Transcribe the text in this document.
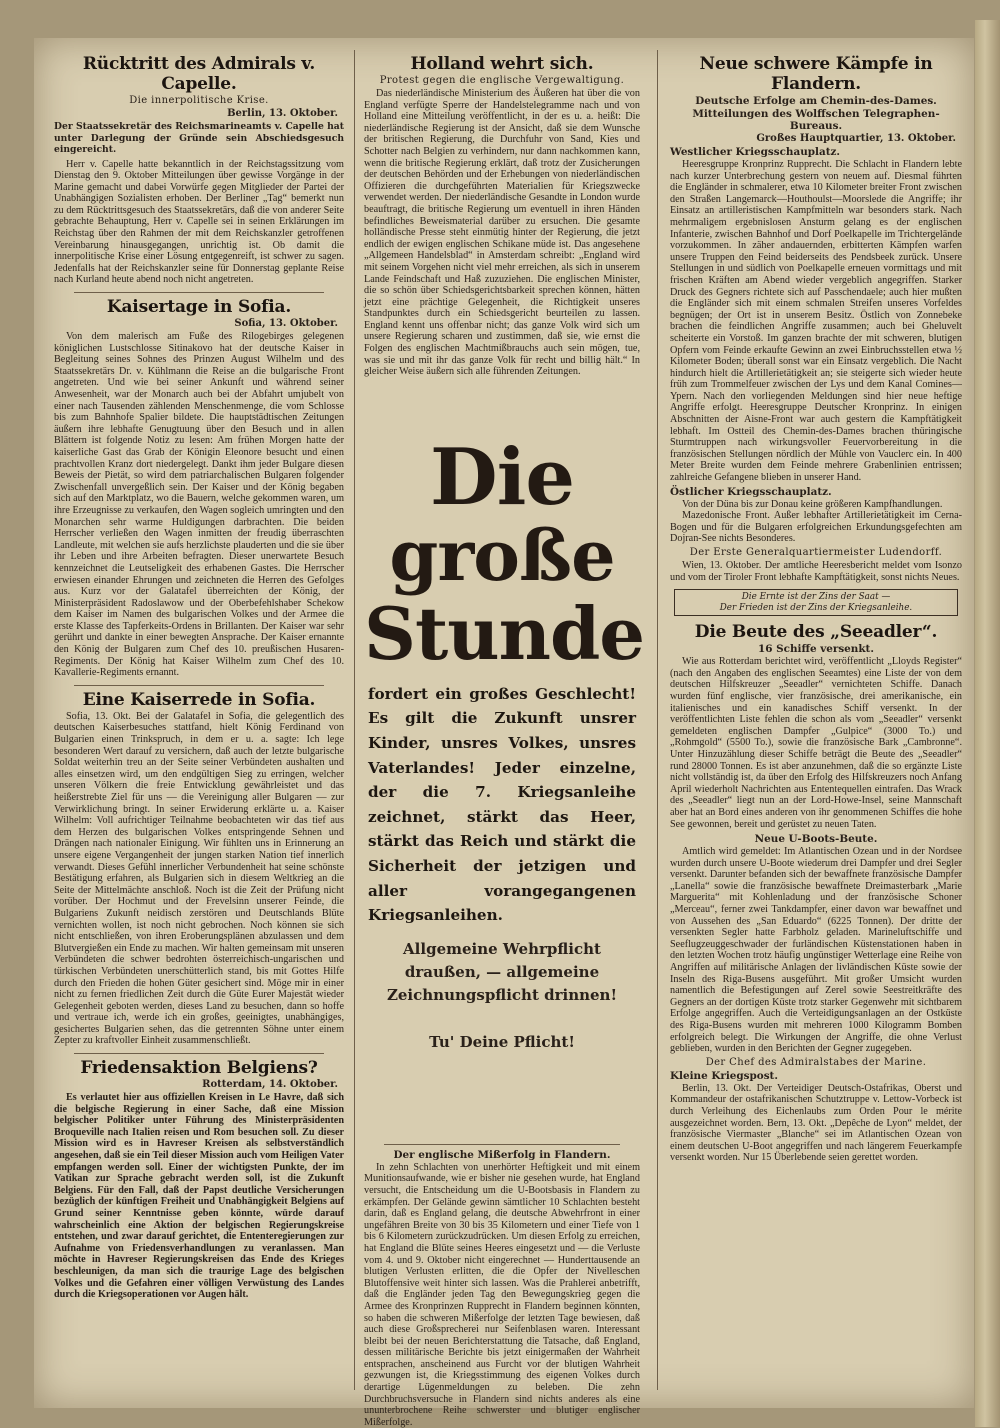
Rücktritt des Admirals v. Capelle.
Die innerpolitische Krise.
Berlin, 13. Oktober.
Der Staatssekretär des Reichsmarineamts v. Capelle hat unter Darlegung der Gründe sein Abschiedsgesuch eingereicht.

Herr v. Capelle hatte bekanntlich in der Reichstagssitzung vom Dienstag den 9. Oktober Mitteilungen über gewisse Vorgänge in der Marine gemacht und dabei Vorwürfe gegen Mitglieder der Partei der Unabhängigen Sozialisten erhoben. Der Berliner „Tag“ bemerkt nun zu dem Rücktrittsgesuch des Staatssekretärs, daß die von anderer Seite gebrachte Behauptung, Herr v. Capelle sei in seinen Erklärungen im Reichstag über den Rahmen der mit dem Reichskanzler getroffenen Vereinbarung hinausgegangen, unrichtig ist. Ob damit die innerpolitische Krise einer Lösung entgegenreift, ist schwer zu sagen. Jedenfalls hat der Reichskanzler seine für Donnerstag geplante Reise nach Kurland heute abend noch nicht angetreten.

Kaisertage in Sofia.
Sofia, 13. Oktober.

Von dem malerisch am Fuße des Rilogebirges gelegenen königlichen Lustschlosse Sitinakovo hat der deutsche Kaiser in Begleitung seines Sohnes des Prinzen August Wilhelm und des Staatssekretärs Dr. v. Kühlmann die Reise an die bulgarische Front angetreten. Und wie bei seiner Ankunft und während seiner Anwesenheit, war der Monarch auch bei der Abfahrt umjubelt von einer nach Tausenden zählenden Menschenmenge, die vom Schlosse bis zum Bahnhofe Spalier bildete. Die hauptstädtischen Zeitungen äußern ihre lebhafte Genugtuung über den Besuch und in allen Blättern ist folgende Notiz zu lesen: Am frühen Morgen hatte der kaiserliche Gast das Grab der Königin Eleonore besucht und einen prachtvollen Kranz dort niedergelegt. Dankt ihm jeder Bulgare diesen Beweis der Pietät, so wird dem patriarchalischen Bulgaren folgender Zwischenfall unvergeßlich sein. Der Kaiser und der König begaben sich auf den Marktplatz, wo die Bauern, welche gekommen waren, um ihre Erzeugnisse zu verkaufen, den Wagen sogleich umringten und den Monarchen sehr warme Huldigungen darbrachten. Die beiden Herrscher verließen den Wagen inmitten der freudig überraschten Landleute, mit welchen sie aufs herzlichste plauderten und die sie über ihr Leben und ihre Arbeiten befragten. Dieser unerwartete Besuch kennzeichnet die Leutseligkeit des erhabenen Gastes. Die Herrscher erwiesen einander Ehrungen und zeichneten die Herren des Gefolges aus. Kurz vor der Galatafel überreichten der König, der Ministerpräsident Radoslawow und der Oberbefehlshaber Schekow dem Kaiser im Namen des bulgarischen Volkes und der Armee die erste Klasse des Tapferkeits-Ordens in Brillanten. Der Kaiser war sehr gerührt und dankte in einer bewegten Ansprache. Der Kaiser ernannte den König der Bulgaren zum Chef des 10. preußischen Husaren-Regiments. Der König hat Kaiser Wilhelm zum Chef des 10. Kavallerie-Regiments ernannt.

Eine Kaiserrede in Sofia.

Sofia, 13. Okt. Bei der Galatafel in Sofia, die gelegentlich des deutschen Kaiserbesuches stattfand, hielt König Ferdinand von Bulgarien einen Trinkspruch, in dem er u. a. sagte: Ich lege besonderen Wert darauf zu versichern, daß auch der letzte bulgarische Soldat weiterhin treu an der Seite seiner Verbündeten aushalten und alles einsetzen wird, um den endgültigen Sieg zu erringen, welcher unseren Völkern die freie Entwicklung gewährleistet und das heißerstrebte Ziel für uns — die Vereinigung aller Bulgaren — zur Verwirklichung bringt. In seiner Erwiderung erklärte u. a. Kaiser Wilhelm: Voll aufrichtiger Teilnahme beobachteten wir das tief aus dem Herzen des bulgarischen Volkes entspringende Sehnen und Drängen nach nationaler Einigung. Wir fühlten uns in Erinnerung an unsere eigene Vergangenheit der jungen starken Nation tief innerlich verwandt. Dieses Gefühl innerlicher Verbundenheit hat seine schönste Bestätigung erfahren, als Bulgarien sich in diesem Weltkrieg an die Seite der Mittelmächte anschloß. Noch ist die Zeit der Prüfung nicht vorüber. Der Hochmut und der Frevelsinn unserer Feinde, die Bulgariens Zukunft neidisch zerstören und Deutschlands Blüte vernichten wollen, ist noch nicht gebrochen. Noch können sie sich nicht entschließen, von ihren Eroberungsplänen abzulassen und dem Blutvergießen ein Ende zu machen. Wir halten gemeinsam mit unseren Verbündeten die schwer bedrohten österreichisch-ungarischen und türkischen Verbündeten unerschütterlich stand, bis mit Gottes Hilfe durch den Frieden die hohen Güter gesichert sind. Möge mir in einer nicht zu fernen friedlichen Zeit durch die Güte Eurer Majestät wieder Gelegenheit geboten werden, dieses Land zu besuchen, dann so hoffe und vertraue ich, werde ich ein großes, geeinigtes, unabhängiges, gesichertes Bulgarien sehen, das die getrennten Söhne unter einem Zepter zu kraftvoller Einheit zusammenschließt.

Friedensaktion Belgiens?
Rotterdam, 14. Oktober.

Es verlautet hier aus offiziellen Kreisen in Le Havre, daß sich die belgische Regierung in einer Sache, daß eine Mission belgischer Politiker unter Führung des Ministerpräsidenten Broqueville nach Italien reisen und Rom besuchen soll. Zu dieser Mission wird es in Havreser Kreisen als selbstverständlich angesehen, daß sie ein Teil dieser Mission auch vom Heiligen Vater empfangen werden soll. Einer der wichtigsten Punkte, der im Vatikan zur Sprache gebracht werden soll, ist die Zukunft Belgiens. Für den Fall, daß der Papst deutliche Versicherungen bezüglich der künftigen Freiheit und Unabhängigkeit Belgiens auf Grund seiner Kenntnisse geben könnte, würde darauf wahrscheinlich eine Aktion der belgischen Regierungskreise entstehen, und zwar darauf gerichtet, die Ententeregierungen zur Aufnahme von Friedensverhandlungen zu veranlassen. Man möchte in Havreser Regierungskreisen das Ende des Krieges beschleunigen, da man sich die traurige Lage des belgischen Volkes und die Gefahren einer völligen Verwüstung des Landes durch die Kriegsoperationen vor Augen hält.

Holland wehrt sich.
Protest gegen die englische Vergewaltigung.

Das niederländische Ministerium des Äußeren hat über die von England verfügte Sperre der Handelstelegramme nach und von Holland eine Mitteilung veröffentlicht, in der es u. a. heißt: Die niederländische Regierung ist der Ansicht, daß sie dem Wunsche der britischen Regierung, die Durchfuhr von Sand, Kies und Schotter nach Belgien zu verhindern, nur dann nachkommen kann, wenn die britische Regierung erklärt, daß trotz der Zusicherungen der deutschen Behörden und der Erhebungen von niederländischen Offizieren die durchgeführten Materialien für Kriegszwecke verwendet werden. Der niederländische Gesandte in London wurde beauftragt, die britische Regierung um eventuell in ihren Händen befindliches Beweismaterial darüber zu ersuchen. Die gesamte holländische Presse steht einmütig hinter der Regierung, die jetzt endlich der ewigen englischen Schikane müde ist. Das angesehene „Allgemeen Handelsblad“ in Amsterdam schreibt: „England wird mit seinem Vorgehen nicht viel mehr erreichen, als sich in unserem Lande Feindschaft und Haß zuzuziehen. Die englischen Minister, die so schön über Schiedsgerichtsbarkeit sprechen können, hätten jetzt eine prächtige Gelegenheit, die Richtigkeit unseres Standpunktes durch ein Schiedsgericht beurteilen zu lassen. England kennt uns offenbar nicht; das ganze Volk wird sich um unsere Regierung scharen und zustimmen, daß sie, wie ernst die Folgen des englischen Machtmißbrauchs auch sein mögen, tue, was sie und mit ihr das ganze Volk für recht und billig hält.“ In gleicher Weise äußern sich alle führenden Zeitungen.

Die
große
Stunde
fordert ein großes Geschlecht! Es gilt die Zukunft unsrer Kinder, unsres Volkes, unsres Vaterlandes! Jeder einzelne, der die 7. Kriegsanleihe zeichnet, stärkt das Heer, stärkt das Reich und stärkt die Sicherheit der jetzigen und aller vorangegangenen Kriegsanleihen.
Allgemeine Wehrpflicht draußen, — allgemeine Zeichnungspflicht drinnen!
Tu' Deine Pflicht!
Der englische Mißerfolg in Flandern.

In zehn Schlachten von unerhörter Heftigkeit und mit einem Munitionsaufwande, wie er bisher nie gesehen wurde, hat England versucht, die Entscheidung um die U-Bootsbasis in Flandern zu erkämpfen. Der Gelände gewinn sämtlicher 10 Schlachten besteht darin, daß es England gelang, die deutsche Abwehrfront in einer ungefähren Breite von 30 bis 35 Kilometern und einer Tiefe von 1 bis 6 Kilometern zurückzudrücken. Um diesen Erfolg zu erreichen, hat England die Blüte seines Heeres eingesetzt und — die Verluste vom 4. und 9. Oktober nicht eingerechnet — Hunderttausende an blutigen Verlusten erlitten, die die Opfer der Nivelleschen Blutoffensive weit hinter sich lassen. Was die Prahlerei anbetrifft, daß die Engländer jeden Tag den Bewegungskrieg gegen die Armee des Kronprinzen Rupprecht in Flandern beginnen könnten, so haben die schweren Mißerfolge der letzten Tage bewiesen, daß auch diese Großsprecherei nur Seifenblasen waren. Interessant bleibt bei der neuen Berichterstattung die Tatsache, daß England, dessen militärische Berichte bis jetzt einigermaßen der Wahrheit entsprachen, anscheinend aus Furcht vor der blutigen Wahrheit gezwungen ist, die Kriegsstimmung des eigenen Volkes durch derartige Lügenmeldungen zu beleben. Die zehn Durchbruchsversuche in Flandern sind nichts anderes als eine ununterbrochene Reihe schwerster und blutiger englischer Mißerfolge.

Neue schwere Kämpfe in Flandern.
Deutsche Erfolge am Chemin-des-Dames.
Mitteilungen des Wolffschen Telegraphen-Bureaus.
Großes Hauptquartier, 13. Oktober.
Westlicher Kriegsschauplatz.

Heeresgruppe Kronprinz Rupprecht. Die Schlacht in Flandern lebte nach kurzer Unterbrechung gestern von neuem auf. Diesmal führten die Engländer in schmalerer, etwa 10 Kilometer breiter Front zwischen den Straßen Langemarck—Houthoulst—Moorslede die Angriffe; ihr Einsatz an artilleristischen Kampfmitteln war besonders stark. Nach mehrmaligem ergebnislosen Ansturm gelang es der englischen Infanterie, zwischen Bahnhof und Dorf Poelkapelle im Trichtergelände vorzukommen. In zäher andauernden, erbitterten Kämpfen warfen unsere Truppen den Feind beiderseits des Pendsbeek zurück. Unsere Stellungen in und südlich von Poelkapelle erneuen vormittags und mit frischen Kräften am Abend wieder vergeblich angegriffen. Starker Druck des Gegners richtete sich auf Passchendaele; auch hier mußten die Engländer sich mit einem schmalen Streifen unseres Vorfeldes begnügen; der Ort ist in unserem Besitz. Östlich von Zonnebeke brachen die feindlichen Angriffe zusammen; auch bei Gheluvelt scheiterte ein Vorstoß. Im ganzen brachte der mit schweren, blutigen Opfern vom Feinde erkaufte Gewinn an zwei Einbruchsstellen etwa ½ Kilometer Boden; überall sonst war ein Einsatz vergeblich. Die Nacht hindurch hielt die Artillerietätigkeit an; sie steigerte sich wieder heute früh zum Trommelfeuer zwischen der Lys und dem Kanal Comines—Ypern. Nach den vorliegenden Meldungen sind hier neue heftige Angriffe erfolgt. Heeresgruppe Deutscher Kronprinz. In einigen Abschnitten der Aisne-Front war auch gestern die Kampftätigkeit lebhaft. Im Ostteil des Chemin-des-Dames brachen thüringische Sturmtruppen nach wirkungsvoller Feuervorbereitung in die französischen Stellungen nördlich der Mühle von Vauclerc ein. In 400 Meter Breite wurden dem Feinde mehrere Grabenlinien entrissen; zahlreiche Gefangene blieben in unserer Hand.

Östlicher Kriegsschauplatz.

Von der Düna bis zur Donau keine größeren Kampfhandlungen.

Mazedonische Front. Außer lebhafter Artillerietätigkeit im Cerna-Bogen und für die Bulgaren erfolgreichen Erkundungsgefechten am Dojran-See nichts Besonderes.

Der Erste Generalquartiermeister Ludendorff.

Wien, 13. Oktober. Der amtliche Heeresbericht meldet vom Isonzo und vom der Tiroler Front lebhafte Kampftätigkeit, sonst nichts Neues.

Die Ernte ist der Zins der Saat —
Der Frieden ist der Zins der Kriegsanleihe.
Die Beute des „Seeadler“.
16 Schiffe versenkt.

Wie aus Rotterdam berichtet wird, veröffentlicht „Lloyds Register“ (nach den Angaben des englischen Seeamtes) eine Liste der von dem deutschen Hilfskreuzer „Seeadler“ vernichteten Schiffe. Danach wurden fünf englische, vier französische, drei amerikanische, ein italienisches und ein kanadisches Schiff versenkt. In der veröffentlichten Liste fehlen die schon als vom „Seeadler“ versenkt gemeldeten englischen Dampfer „Gulpice“ (3000 To.) und „Rohmgold“ (5500 To.), sowie die französische Bark „Cambronne“. Unter Hinzuzählung dieser Schiffe beträgt die Beute des „Seeadler“ rund 28000 Tonnen. Es ist aber anzunehmen, daß die so ergänzte Liste nicht vollständig ist, da über den Erfolg des Hilfskreuzers noch Anfang April wiederholt Nachrichten aus Ententequellen eintrafen. Das Wrack des „Seeadler“ liegt nun an der Lord-Howe-Insel, seine Mannschaft aber hat an Bord eines anderen von ihr genommenen Schiffes die hohe See gewonnen, bereit und gerüstet zu neuen Taten.

Neue U-Boots-Beute.

Amtlich wird gemeldet: Im Atlantischen Ozean und in der Nordsee wurden durch unsere U-Boote wiederum drei Dampfer und drei Segler versenkt. Darunter befanden sich der bewaffnete französische Dampfer „Lanella“ sowie die französische bewaffnete Dreimasterbark „Marie Marguerita“ mit Kohlenladung und der französische Schoner „Merceau“, ferner zwei Tankdampfer, einer davon war bewaffnet und von Aussehen des „San Eduardo“ (6225 Tonnen). Der dritte der versenkten Segler hatte Farbholz geladen. Marineluftschiffe und Seeflugzeuggeschwader der furländischen Küstenstationen haben in den letzten Wochen trotz häufig ungünstiger Wetterlage eine Reihe von Angriffen auf militärische Anlagen der livländischen Küste sowie der Inseln des Riga-Busens ausgeführt. Mit großer Umsicht wurden namentlich die Befestigungen auf Zerel sowie Seestreitkräfte des Gegners an der dortigen Küste trotz starker Gegenwehr mit sichtbarem Erfolge angegriffen. Auch die Verteidigungsanlagen an der Ostküste des Riga-Busens wurden mit mehreren 1000 Kilogramm Bomben erfolgreich belegt. Die Wirkungen der Angriffe, die ohne Verlust geblieben, wurden in den Berichten der Gegner zugegeben.

Der Chef des Admiralstabes der Marine.
Kleine Kriegspost.

Berlin, 13. Okt. Der Verteidiger Deutsch-Ostafrikas, Oberst und Kommandeur der ostafrikanischen Schutztruppe v. Lettow-Vorbeck ist durch Verleihung des Eichenlaubs zum Orden Pour le mérite ausgezeichnet worden. Bern, 13. Okt. „Depêche de Lyon“ meldet, der französische Viermaster „Blanche“ sei im Atlantischen Ozean von einem deutschen U-Boot angegriffen und nach längerem Feuerkampfe versenkt worden. Nur 15 Überlebende seien gerettet worden.
